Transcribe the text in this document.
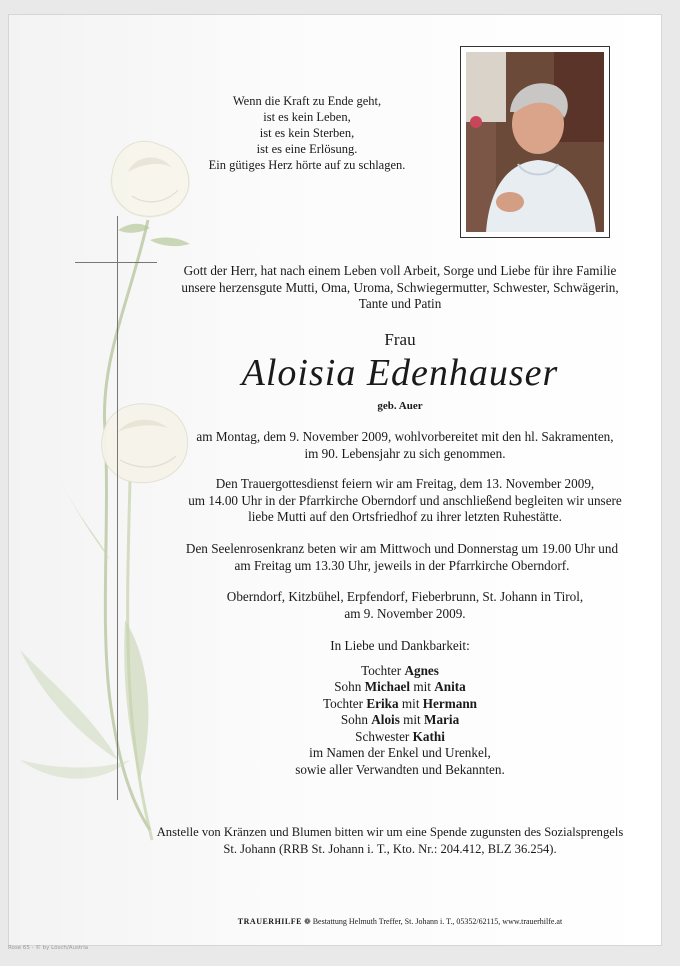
Wenn die Kraft zu Ende geht,
ist es kein Leben,
ist es kein Sterben,
ist es eine Erlösung.
Ein gütiges Herz hörte auf zu schlagen.
Gott der Herr, hat nach einem Leben voll Arbeit, Sorge und Liebe für ihre Familie
unsere herzensgute Mutti, Oma, Uroma, Schwiegermutter, Schwester, Schwägerin,
Tante und Patin
Frau
Aloisia Edenhauser
geb. Auer
am Montag, dem 9. November 2009, wohlvorbereitet mit den hl. Sakramenten,
im 90. Lebensjahr zu sich genommen.
Den Trauergottesdienst feiern wir am Freitag, dem 13. November 2009,
um 14.00 Uhr in der Pfarrkirche Oberndorf und anschließend begleiten wir unsere
liebe Mutti auf den Ortsfriedhof zu ihrer letzten Ruhestätte.
Den Seelenrosenkranz beten wir am Mittwoch und Donnerstag um 19.00 Uhr und
am Freitag um 13.30 Uhr, jeweils in der Pfarrkirche Oberndorf.
Oberndorf, Kitzbühel, Erpfendorf, Fieberbrunn, St. Johann in Tirol,
am 9. November 2009.
In Liebe und Dankbarkeit:
Tochter Agnes
Sohn Michael mit Anita
Tochter Erika mit Hermann
Sohn Alois mit Maria
Schwester Kathi
im Namen der Enkel und Urenkel,
sowie aller Verwandten und Bekannten.
Anstelle von Kränzen und Blumen bitten wir um eine Spende zugunsten des Sozialsprengels
St. Johann (RRB St. Johann i. T., Kto. Nr.: 204.412, BLZ 36.254).
TRAUERHILFE ❁ Bestattung Helmuth Treffer, St. Johann i. T., 05352/62115, www.trauerhilfe.at
Rose 65 - © by Lösch/Austria
